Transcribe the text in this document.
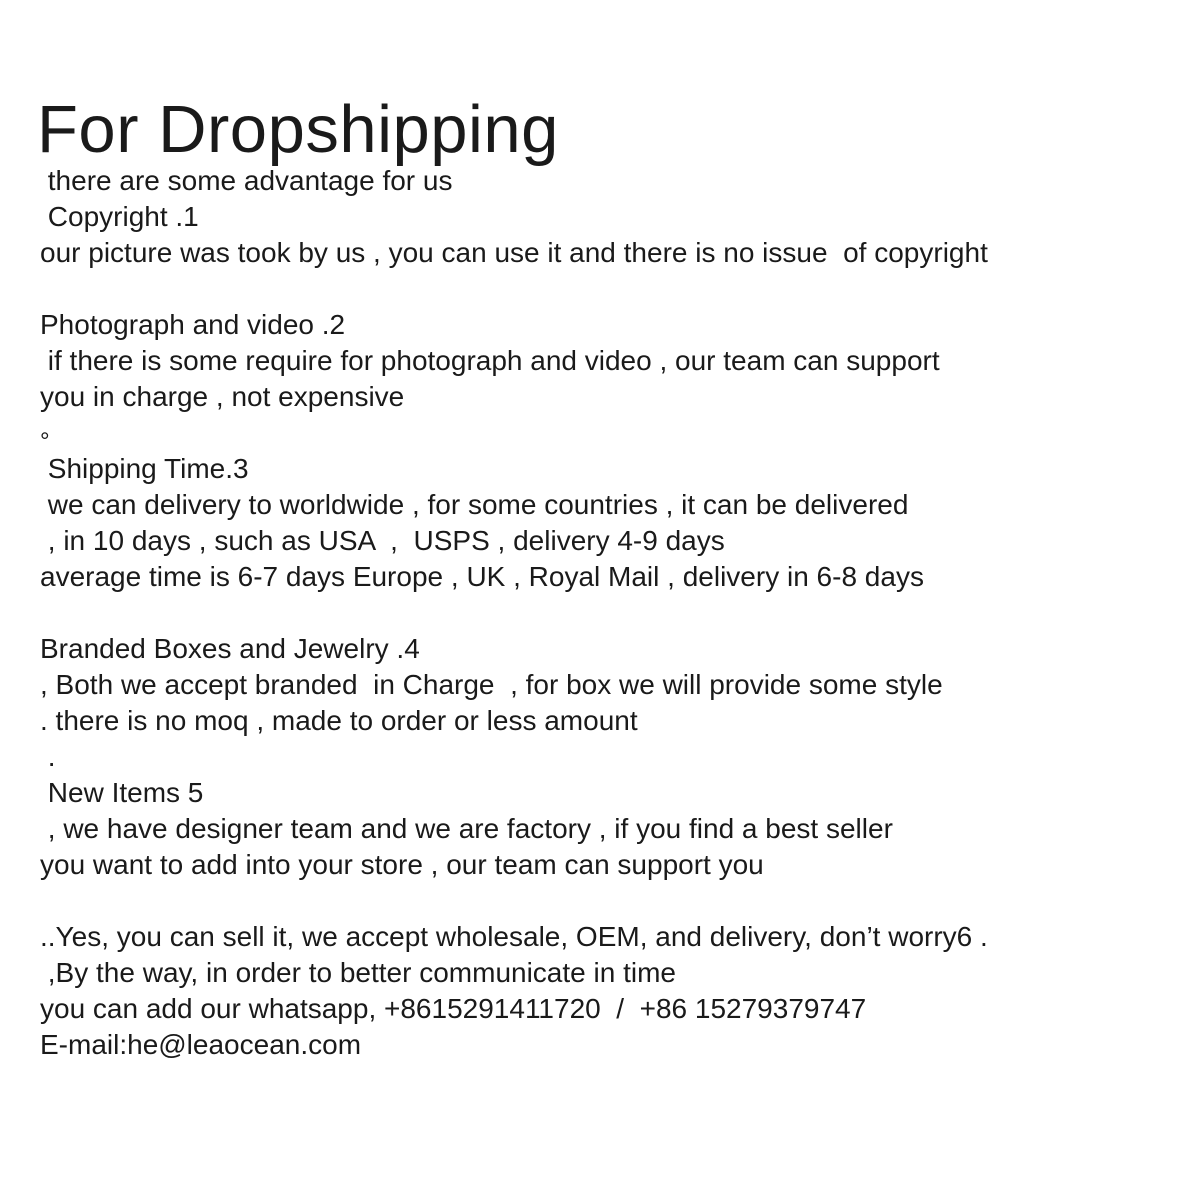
For Dropshipping
there are some advantage for us
Copyright .1
our picture was took by us , you can use it and there is no issue  of copyright

Photograph and video .2
if there is some require for photograph and video , our team can support
you in charge , not expensive
°
Shipping Time.3
we can delivery to worldwide , for some countries , it can be delivered
, in 10 days , such as USA  ,  USPS , delivery 4-9 days
average time is 6-7 days Europe , UK , Royal Mail , delivery in 6-8 days

Branded Boxes and Jewelry .4
, Both we accept branded  in Charge  , for box we will provide some style
. there is no moq , made to order or less amount
.
New Items 5
, we have designer team and we are factory , if you find a best seller
you want to add into your store , our team can support you

..Yes, you can sell it, we accept wholesale, OEM, and delivery, don’t worry6 .
,By the way, in order to better communicate in time
you can add our whatsapp, +8615291411720  /  +86 15279379747
E-mail:he@leaocean.com
